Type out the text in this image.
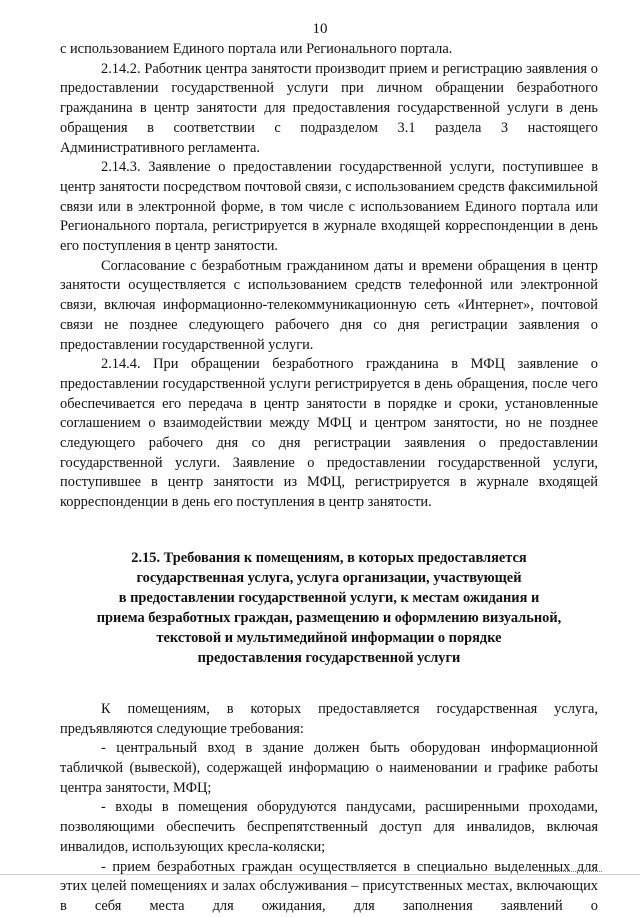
10

с использованием Единого портала или Регионального портала.

2.14.2. Работник центра занятости производит прием и регистрацию заявления о предоставлении государственной услуги при личном обращении безработного гражданина в центр занятости для предоставления государственной услуги в день обращения в соответствии с подразделом 3.1 раздела 3 настоящего Административного регламента.

2.14.3. Заявление о предоставлении государственной услуги, поступившее в центр занятости посредством почтовой связи, с использованием средств факсимильной связи или в электронной форме, в том числе с использованием Единого портала или Регионального портала, регистрируется в журнале входящей корреспонденции в день его поступления в центр занятости.

Согласование с безработным гражданином даты и времени обращения в центр занятости осуществляется с использованием средств телефонной или электронной связи, включая информационно-телекоммуникационную сеть «Интернет», почтовой связи не позднее следующего рабочего дня со дня регистрации заявления о предоставлении государственной услуги.

2.14.4. При обращении безработного гражданина в МФЦ заявление о предоставлении государственной услуги регистрируется в день обращения, после чего обеспечивается его передача в центр занятости в порядке и сроки, установленные соглашением о взаимодействии между МФЦ и центром занятости, но не позднее следующего рабочего дня со дня регистрации заявления о предоставлении государственной услуги. Заявление о предоставлении государственной услуги, поступившее в центр занятости из МФЦ, регистрируется в журнале входящей корреспонденции в день его поступления в центр занятости.

2.15. Требования к помещениям, в которых предоставляется
государственная услуга, услуга организации, участвующей
в предоставлении государственной услуги, к местам ожидания и
приема безработных граждан, размещению и оформлению визуальной,
текстовой и мультимедийной информации о порядке
предоставления государственной услуги

К помещениям, в которых предоставляется государственная услуга, предъявляются следующие требования:

- центральный вход в здание должен быть оборудован информационной табличкой (вывеской), содержащей информацию о наименовании и графике работы центра занятости, МФЦ;

- входы в помещения оборудуются пандусами, расширенными проходами, позволяющими обеспечить беспрепятственный доступ для инвалидов, включая инвалидов, использующих кресла-коляски;

- прием безработных граждан осуществляется в специально выделенных для этих целей помещениях и залах обслуживания – присутственных местах, включающих в себя места для ожидания, для заполнения заявлений о
